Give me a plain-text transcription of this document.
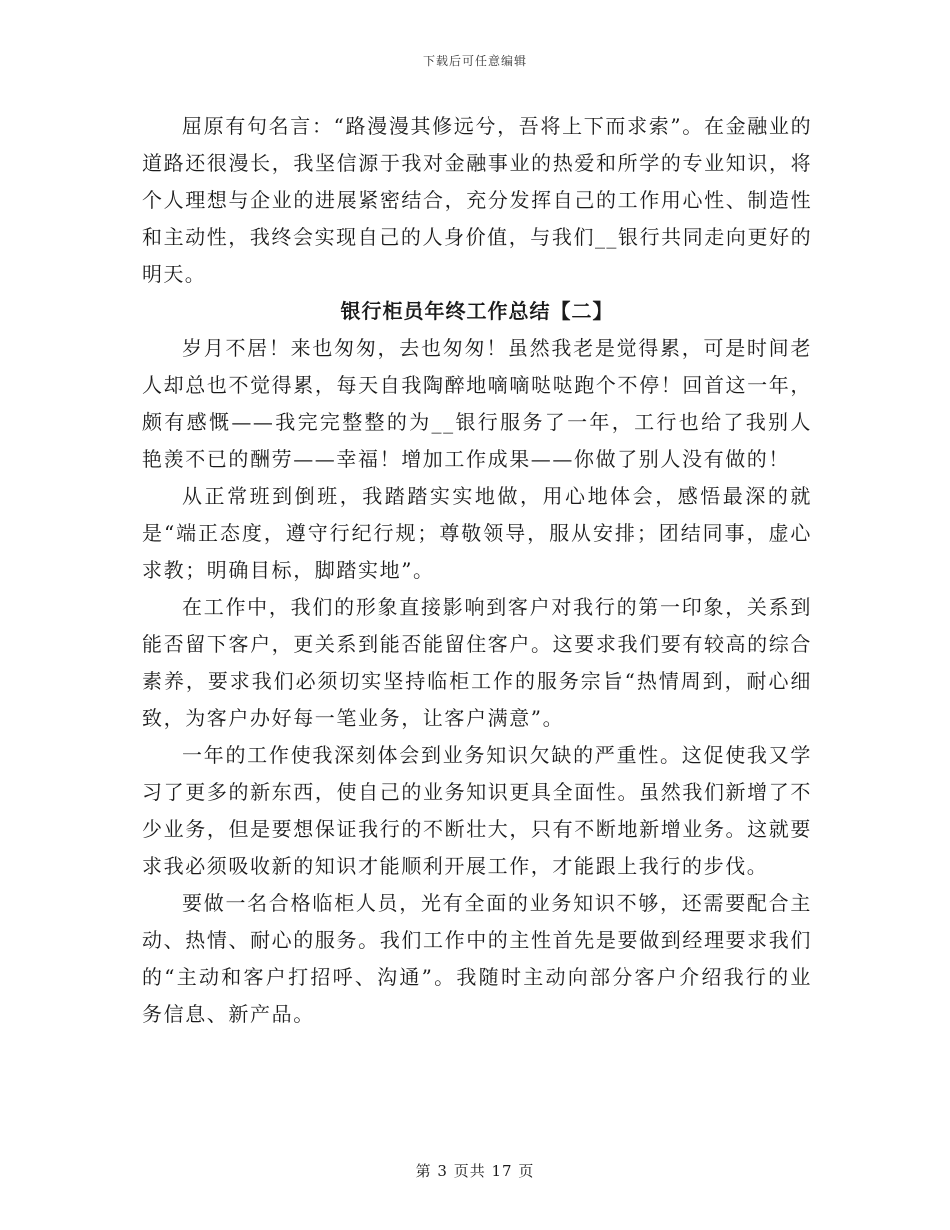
下载后可任意编辑

屈原有句名言：“路漫漫其修远兮，吾将上下而求索”。在金融业的道路还很漫长，我坚信源于我对金融事业的热爱和所学的专业知识，将个人理想与企业的进展紧密结合，充分发挥自己的工作用心性、制造性和主动性，我终会实现自己的人身价值，与我们__银行共同走向更好的明天。

银行柜员年终工作总结【二】

岁月不居！来也匆匆，去也匆匆！虽然我老是觉得累，可是时间老人却总也不觉得累，每天自我陶醉地嘀嘀哒哒跑个不停！回首这一年，颇有感慨——我完完整整的为__银行服务了一年，工行也给了我别人艳羡不已的酬劳——幸福！增加工作成果——你做了别人没有做的！

从正常班到倒班，我踏踏实实地做，用心地体会，感悟最深的就是“端正态度，遵守行纪行规；尊敬领导，服从安排；团结同事，虚心求教；明确目标，脚踏实地”。

在工作中，我们的形象直接影响到客户对我行的第一印象，关系到能否留下客户，更关系到能否能留住客户。这要求我们要有较高的综合素养，要求我们必须切实坚持临柜工作的服务宗旨“热情周到，耐心细致，为客户办好每一笔业务，让客户满意”。

一年的工作使我深刻体会到业务知识欠缺的严重性。这促使我又学习了更多的新东西，使自己的业务知识更具全面性。虽然我们新增了不少业务，但是要想保证我行的不断壮大，只有不断地新增业务。这就要求我必须吸收新的知识才能顺利开展工作，才能跟上我行的步伐。

要做一名合格临柜人员，光有全面的业务知识不够，还需要配合主动、热情、耐心的服务。我们工作中的主性首先是要做到经理要求我们的“主动和客户打招呼、沟通”。我随时主动向部分客户介绍我行的业务信息、新产品。

第 3 页共 17 页
